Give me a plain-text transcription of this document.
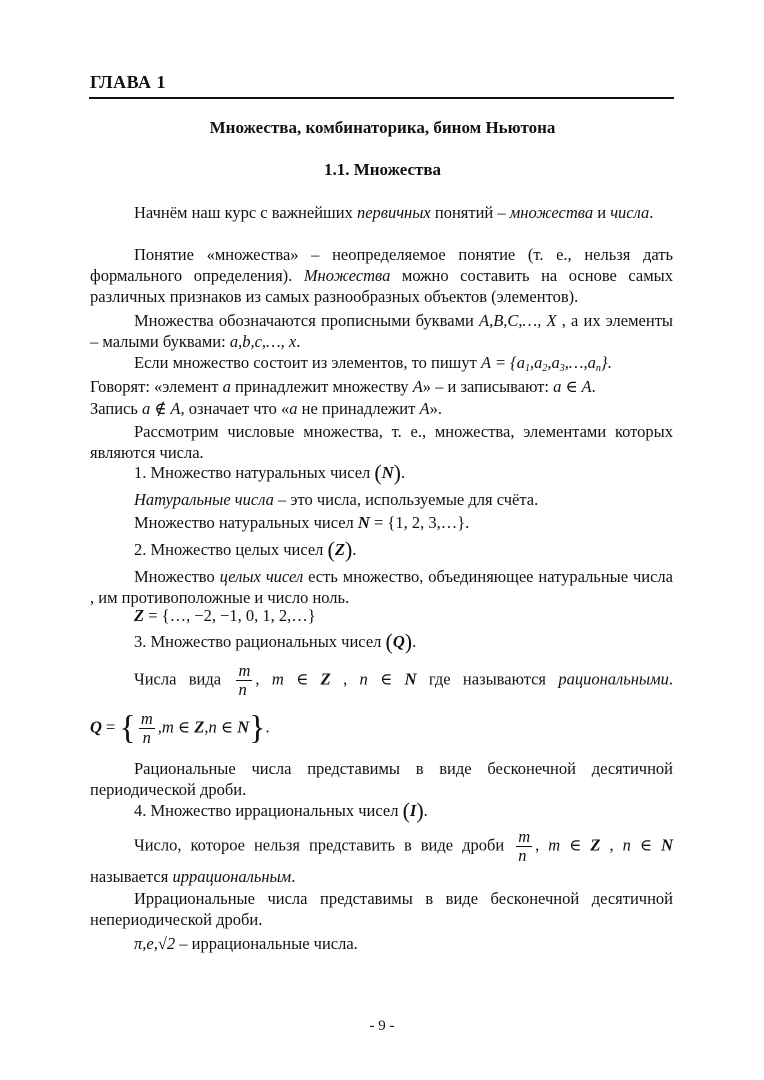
ГЛАВА 1
Множества, комбинаторика, бином Ньютона
1.1. Множества
Начнём наш курс с важнейших первичных понятий – множества и числа.
Понятие «множества» – неопределяемое понятие (т. е., нельзя дать формального определения). Множества можно составить на основе самых различных признаков из самых разнообразных объектов (элементов).
Множества обозначаются прописными буквами A,B,C,…, X , а их элементы – малыми буквами: a,b,c,…, x.
Если множество состоит из элементов, то пишут $A = \{a_1,a_2,a_3,\dots,a_n\}$.
Говорят: «элемент a принадлежит множеству A» – и записывают: a ∈ A.
Запись a ∉ A, означает что «a не принадлежит A».
Рассмотрим числовые множества, т. е., множества, элементами которых являются числа.
1. Множество натуральных чисел (N).
Натуральные числа – это числа, используемые для счёта.
Множество натуральных чисел N = {1, 2, 3,…}.
2. Множество целых чисел (Z).
Множество целых чисел есть множество, объединяющее натуральные числа , им противоположные и число ноль.
Z = {…, −2, −1, 0, 1, 2,…}
3. Множество рациональных чисел (Q).
Числа вида $\frac{m}{n}$ , m ∈ Z , n ∈ N где называются рациональными.
Q = { $\frac{m}{n} ,m$ ∈ Z,n ∈ N}.
Рациональные числа представимы в виде бесконечной десятичной периодической дроби.
4. Множество иррациональных чисел (I).
Число, которое нельзя представить в виде дроби $\frac{m}{n}$ , m ∈ Z , n ∈ N
называется иррациональным.
Иррациональные числа представимы в виде бесконечной десятичной непериодической дроби.
π,e,√2 – иррациональные числа.
- 9 -
